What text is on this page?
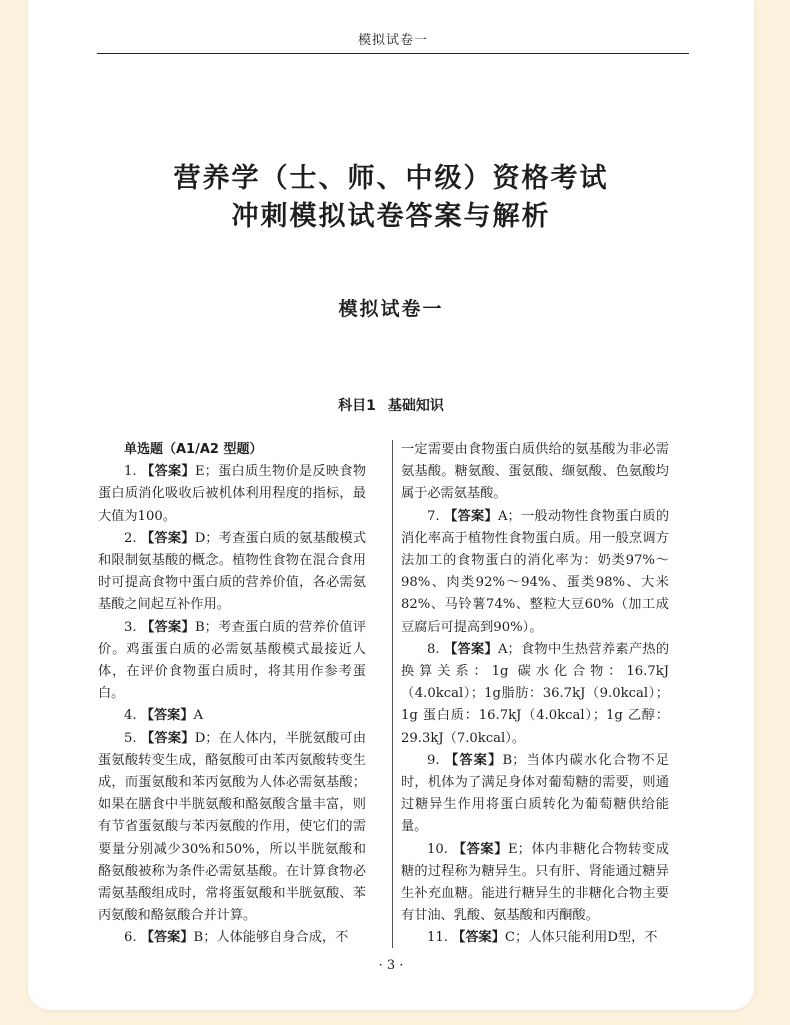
模拟试卷一
营养学（士、师、中级）资格考试
冲刺模拟试卷答案与解析
模拟试卷一
科目1 基础知识
单选题（A1/A2 型题）

1. 【答案】E；蛋白质生物价是反映食物蛋白质消化吸收后被机体利用程度的指标，最大值为100。

2. 【答案】D；考查蛋白质的氨基酸模式和限制氨基酸的概念。植物性食物在混合食用时可提高食物中蛋白质的营养价值，各必需氨基酸之间起互补作用。

3. 【答案】B；考查蛋白质的营养价值评价。鸡蛋蛋白质的必需氨基酸模式最接近人体，在评价食物蛋白质时，将其用作参考蛋白。

4. 【答案】A

5. 【答案】D；在人体内，半胱氨酸可由蛋氨酸转变生成，酪氨酸可由苯丙氨酸转变生成，而蛋氨酸和苯丙氨酸为人体必需氨基酸；如果在膳食中半胱氨酸和酪氨酸含量丰富，则有节省蛋氨酸与苯丙氨酸的作用，使它们的需要量分别减少30%和50%，所以半胱氨酸和酪氨酸被称为条件必需氨基酸。在计算食物必需氨基酸组成时，常将蛋氨酸和半胱氨酸、苯丙氨酸和酪氨酸合并计算。

6. 【答案】B；人体能够自身合成，不

一定需要由食物蛋白质供给的氨基酸为非必需氨基酸。糖氨酸、蛋氨酸、缬氨酸、色氨酸均属于必需氨基酸。

7. 【答案】A；一般动物性食物蛋白质的消化率高于植物性食物蛋白质。用一般烹调方法加工的食物蛋白的消化率为：奶类97%～98%、肉类92%～94%、蛋类98%、大米82%、马铃薯74%、整粒大豆60%（加工成豆腐后可提高到90%）。

8. 【答案】A；食物中生热营养素产热的换算关系：1g 碳水化合物：16.7kJ（4.0kcal）；1g脂肪：36.7kJ（9.0kcal）；1g 蛋白质：16.7kJ（4.0kcal）；1g 乙醇：29.3kJ（7.0kcal）。

9. 【答案】B；当体内碳水化合物不足时，机体为了满足身体对葡萄糖的需要，则通过糖异生作用将蛋白质转化为葡萄糖供给能量。

10. 【答案】E；体内非糖化合物转变成糖的过程称为糖异生。只有肝、肾能通过糖异生补充血糖。能进行糖异生的非糖化合物主要有甘油、乳酸、氨基酸和丙酮酸。

11. 【答案】C；人体只能利用D型，不

· 3 ·
